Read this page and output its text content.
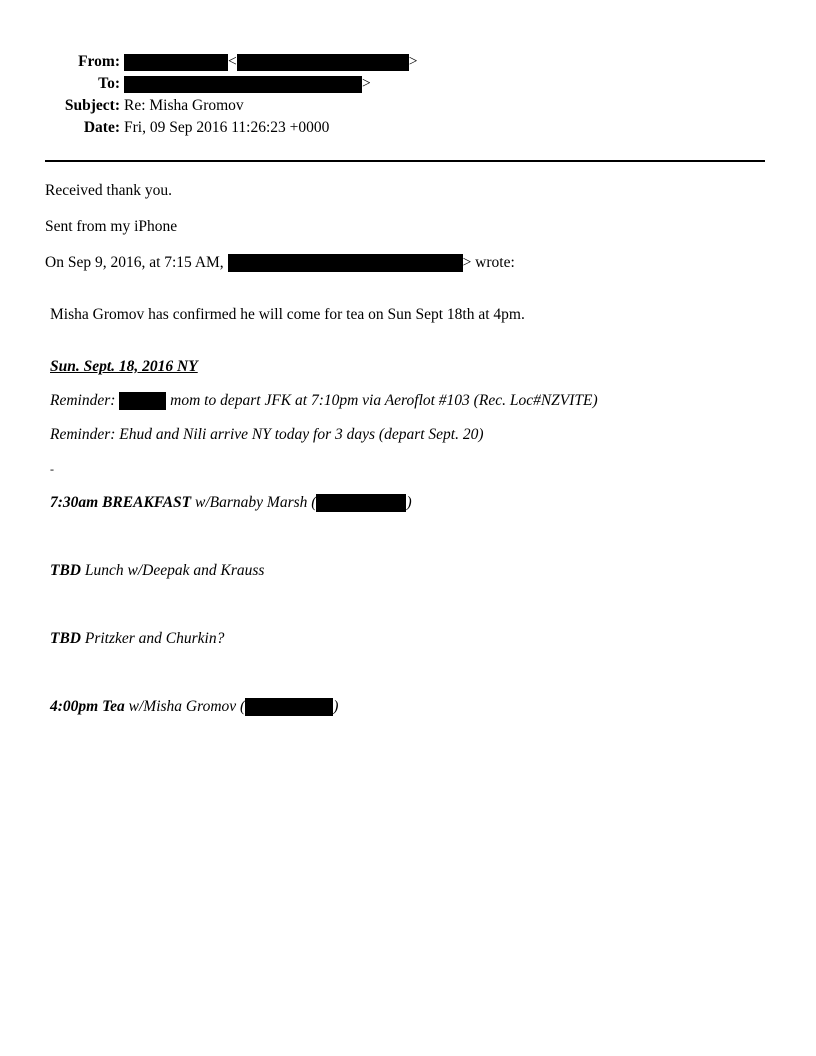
From:	<	>
To:	>
Subject: Re: Misha Gromov
Date: Fri, 09 Sep 2016 11:26:23 +0000
Received thank you.
Sent from my iPhone
On Sep 9, 2016, at 7:15 AM,	> wrote:
Misha Gromov has confirmed he will come for tea on Sun Sept 18th at 4pm.
Sun. Sept. 18, 2016 NY
Reminder:	mom to depart JFK at 7:10pm via Aeroflot #103 (Rec. Loc#NZVITE)
Reminder: Ehud and Nili arrive NY today for 3 days (depart Sept. 20)
-
7:30am BREAKFAST w/Barnaby Marsh (	)
TBD Lunch w/Deepak and Krauss
TBD Pritzker and Churkin?
4:00pm Tea w/Misha Gromov (	)
